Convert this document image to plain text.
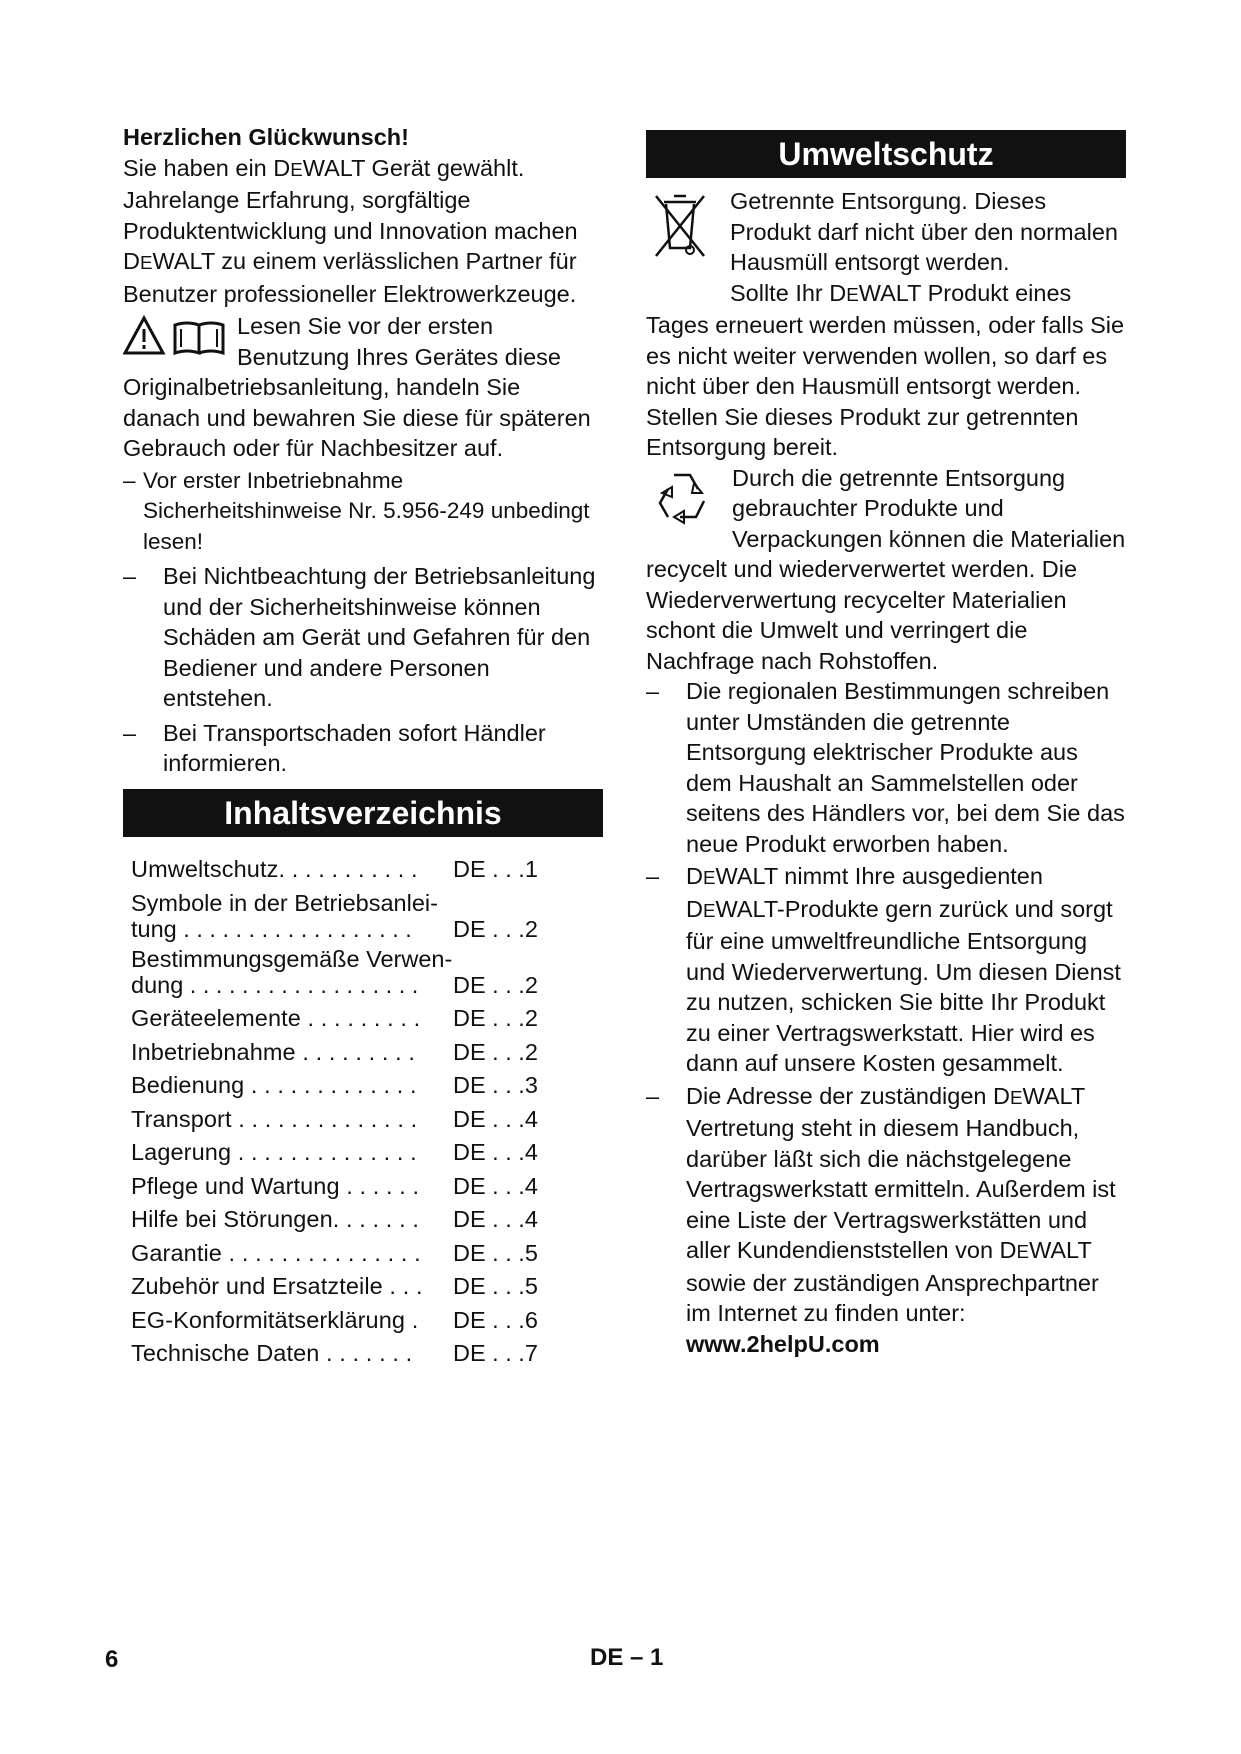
Herzlichen Glückwunsch!

Sie haben ein DEWALT Gerät gewählt. Jahrelange Erfahrung, sorgfältige Produktentwicklung und Innovation machen DEWALT zu einem verlässlichen Partner für Benutzer professioneller Elektrowerkzeuge.

Lesen Sie vor der ersten Benutzung Ihres Gerätes diese Originalbetriebsanleitung, handeln Sie danach und bewahren Sie diese für späteren Gebrauch oder für Nachbesitzer auf.
– Vor erster Inbetriebnahme Sicherheitshinweise Nr. 5.956-249 unbedingt lesen!
– Bei Nichtbeachtung der Betriebsanleitung und der Sicherheitshinweise können Schäden am Gerät und Gefahren für den Bediener und andere Personen entstehen.
– Bei Transportschaden sofort Händler informieren.
Inhaltsverzeichnis
Umweltschutz. . . . . . . . . . .	DE . . .1
Symbole in der Betriebsanlei-
tung . . . . . . . . . . . . . . . . . .	DE . . .2
Bestimmungsgemäße Verwen-
dung . . . . . . . . . . . . . . . . . .	DE . . .2
Geräteelemente . . . . . . . . .	DE . . .2
Inbetriebnahme . . . . . . . . .	DE . . .2
Bedienung . . . . . . . . . . . . .	DE . . .3
Transport . . . . . . . . . . . . . .	DE . . .4
Lagerung . . . . . . . . . . . . . .	DE . . .4
Pflege und Wartung . . . . . .	DE . . .4
Hilfe bei Störungen. . . . . . .	DE . . .4
Garantie . . . . . . . . . . . . . . .	DE . . .5
Zubehör und Ersatzteile . . .	DE . . .5
EG-Konformitätserklärung .	DE . . .6
Technische Daten . . . . . . .	DE . . .7
Umweltschutz
Getrennte Entsorgung. Dieses Produkt darf nicht über den normalen Hausmüll entsorgt werden.

Sollte Ihr DEWALT Produkt eines Tages erneuert werden müssen, oder falls Sie es nicht weiter verwenden wollen, so darf es nicht über den Hausmüll entsorgt werden. Stellen Sie dieses Produkt zur getrennten Entsorgung bereit.

Durch die getrennte Entsorgung gebrauchter Produkte und Verpackungen können die Materialien recycelt und wiederverwertet werden. Die Wiederverwertung recycelter Materialien schont die Umwelt und verringert die Nachfrage nach Rohstoffen.
– Die regionalen Bestimmungen schreiben unter Umständen die getrennte Entsorgung elektrischer Produkte aus dem Haushalt an Sammelstellen oder seitens des Händlers vor, bei dem Sie das neue Produkt erworben haben.
– DEWALT nimmt Ihre ausgedienten DEWALT-Produkte gern zurück und sorgt für eine umweltfreundliche Entsorgung und Wiederverwertung. Um diesen Dienst zu nutzen, schicken Sie bitte Ihr Produkt zu einer Vertragswerkstatt. Hier wird es dann auf unsere Kosten gesammelt.
– Die Adresse der zuständigen DEWALT Vertretung steht in diesem Handbuch, darüber läßt sich die nächstgelegene Vertragswerkstatt ermitteln. Außerdem ist eine Liste der Vertragswerkstätten und aller Kundendienststellen von DEWALT sowie der zuständigen Ansprechpartner im Internet zu finden unter: www.2helpU.com
6	DE – 1
